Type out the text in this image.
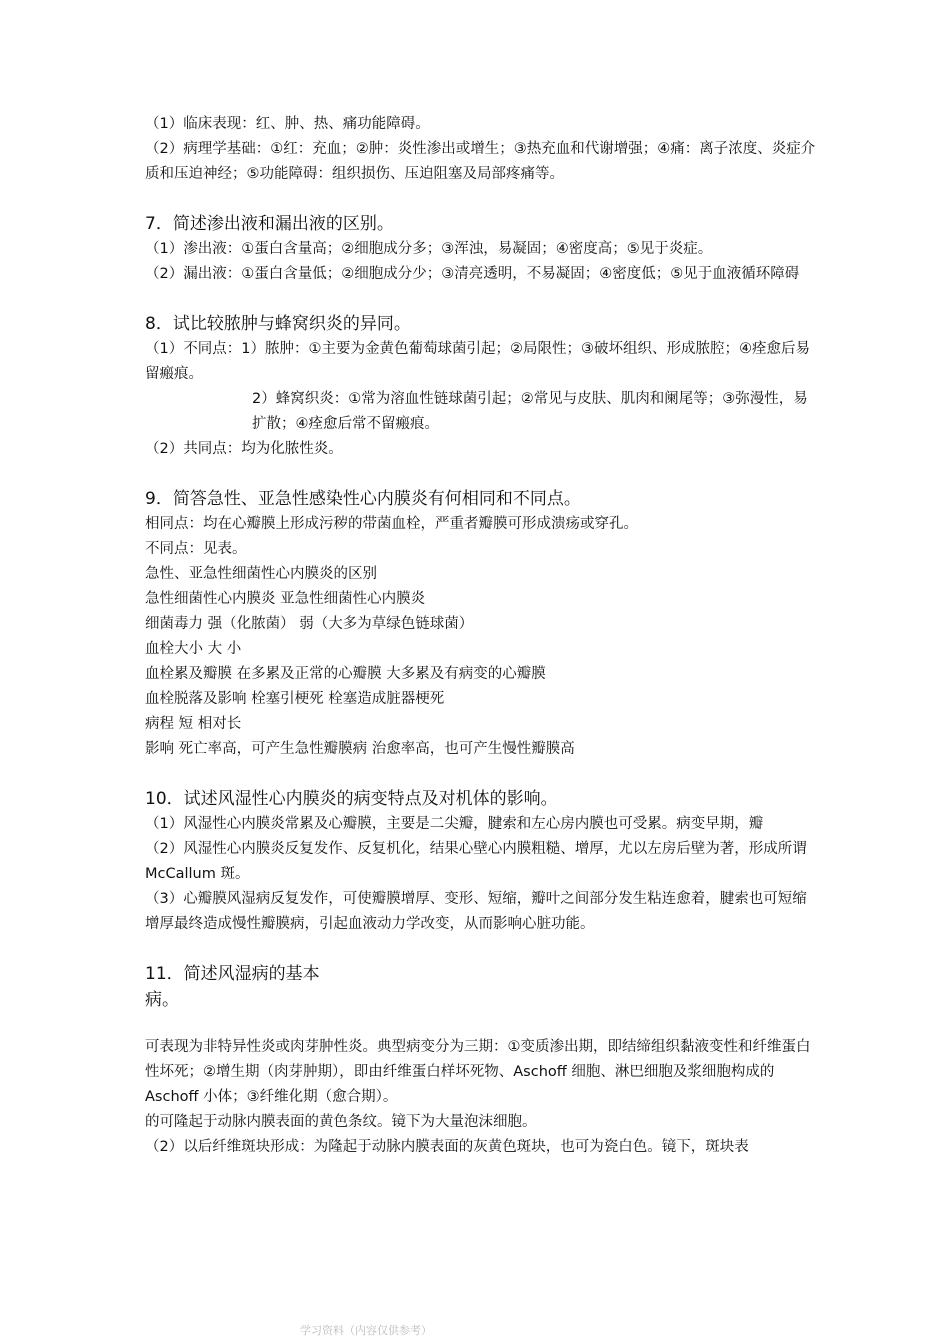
（1）临床表现：红、肿、热、痛功能障碍。
（2）病理学基础：①红：充血；②肿：炎性渗出或增生；③热充血和代谢增强；④痛：离子浓度、炎症介质和压迫神经；⑤功能障碍：组织损伤、压迫阻塞及局部疼痛等。
7．简述渗出液和漏出液的区别。
（1）渗出液：①蛋白含量高；②细胞成分多；③浑浊，易凝固；④密度高；⑤见于炎症。
（2）漏出液：①蛋白含量低；②细胞成分少；③清亮透明，不易凝固；④密度低；⑤见于血液循环障碍
8．试比较脓肿与蜂窝织炎的异同。
（1）不同点：1）脓肿：①主要为金黄色葡萄球菌引起；②局限性；③破坏组织、形成脓腔；④痊愈后易留瘢痕。
2）蜂窝织炎：①常为溶血性链球菌引起；②常见与皮肤、肌肉和阑尾等；③弥漫性，易扩散；④痊愈后常不留瘢痕。
（2）共同点：均为化脓性炎。
9．简答急性、亚急性感染性心内膜炎有何相同和不同点。
相同点：均在心瓣膜上形成污秽的带菌血栓，严重者瓣膜可形成溃疡或穿孔。
不同点：见表。
急性、亚急性细菌性心内膜炎的区别
急性细菌性心内膜炎 亚急性细菌性心内膜炎
细菌毒力 强（化脓菌） 弱（大多为草绿色链球菌）
血栓大小 大 小
血栓累及瓣膜 在多累及正常的心瓣膜 大多累及有病变的心瓣膜
血栓脱落及影响 栓塞引梗死 栓塞造成脏器梗死
病程 短 相对长
影响 死亡率高，可产生急性瓣膜病 治愈率高，也可产生慢性瓣膜高
10．试述风湿性心内膜炎的病变特点及对机体的影响。
（1）风湿性心内膜炎常累及心瓣膜，主要是二尖瓣，腱索和左心房内膜也可受累。病变早期，瓣
（2）风湿性心内膜炎反复发作、反复机化，结果心壁心内膜粗糙、增厚，尤以左房后壁为著，形成所谓 McCallum 斑。
（3）心瓣膜风湿病反复发作，可使瓣膜增厚、变形、短缩，瓣叶之间部分发生粘连愈着，腱索也可短缩增厚最终造成慢性瓣膜病，引起血液动力学改变，从而影响心脏功能。
11．简述风湿病的基本
病。
可表现为非特异性炎或肉芽肿性炎。典型病变分为三期：①变质渗出期，即结缔组织黏液变性和纤维蛋白性坏死；②增生期（肉芽肿期），即由纤维蛋白样坏死物、Aschoff 细胞、淋巴细胞及浆细胞构成的 Aschoff 小体；③纤维化期（愈合期）。
的可隆起于动脉内膜表面的黄色条纹。镜下为大量泡沫细胞。
（2）以后纤维斑块形成：为隆起于动脉内膜表面的灰黄色斑块，也可为瓷白色。镜下，斑块表
学习资料（内容仅供参考）
